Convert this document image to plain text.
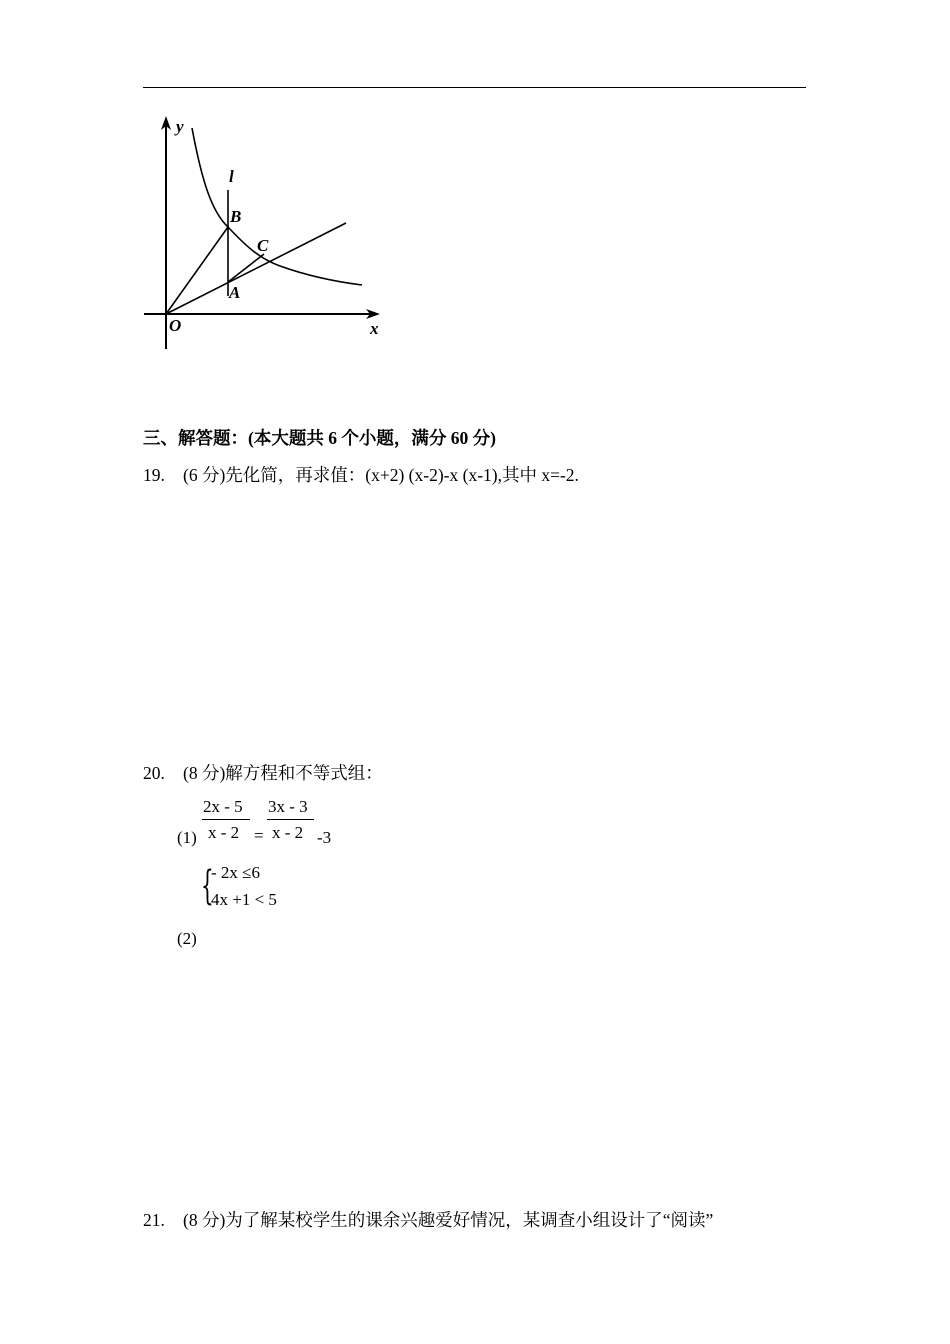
y
x
O
l
B
C
A
三、解答题：(本大题共 6 个小题，满分 60 分)
19. (6 分)先化简，再求值：(x+2) (x-2)-x (x-1),其中 x=-2.
20. (8 分)解方程和不等式组：
(1)
2x - 5
x - 2 =
3x - 3
x - 2 -3
{
- 2x ≤6
4x +1 < 5
(2)
21. (8 分)为了解某校学生的课余兴趣爱好情况，某调查小组设计了“阅读”
